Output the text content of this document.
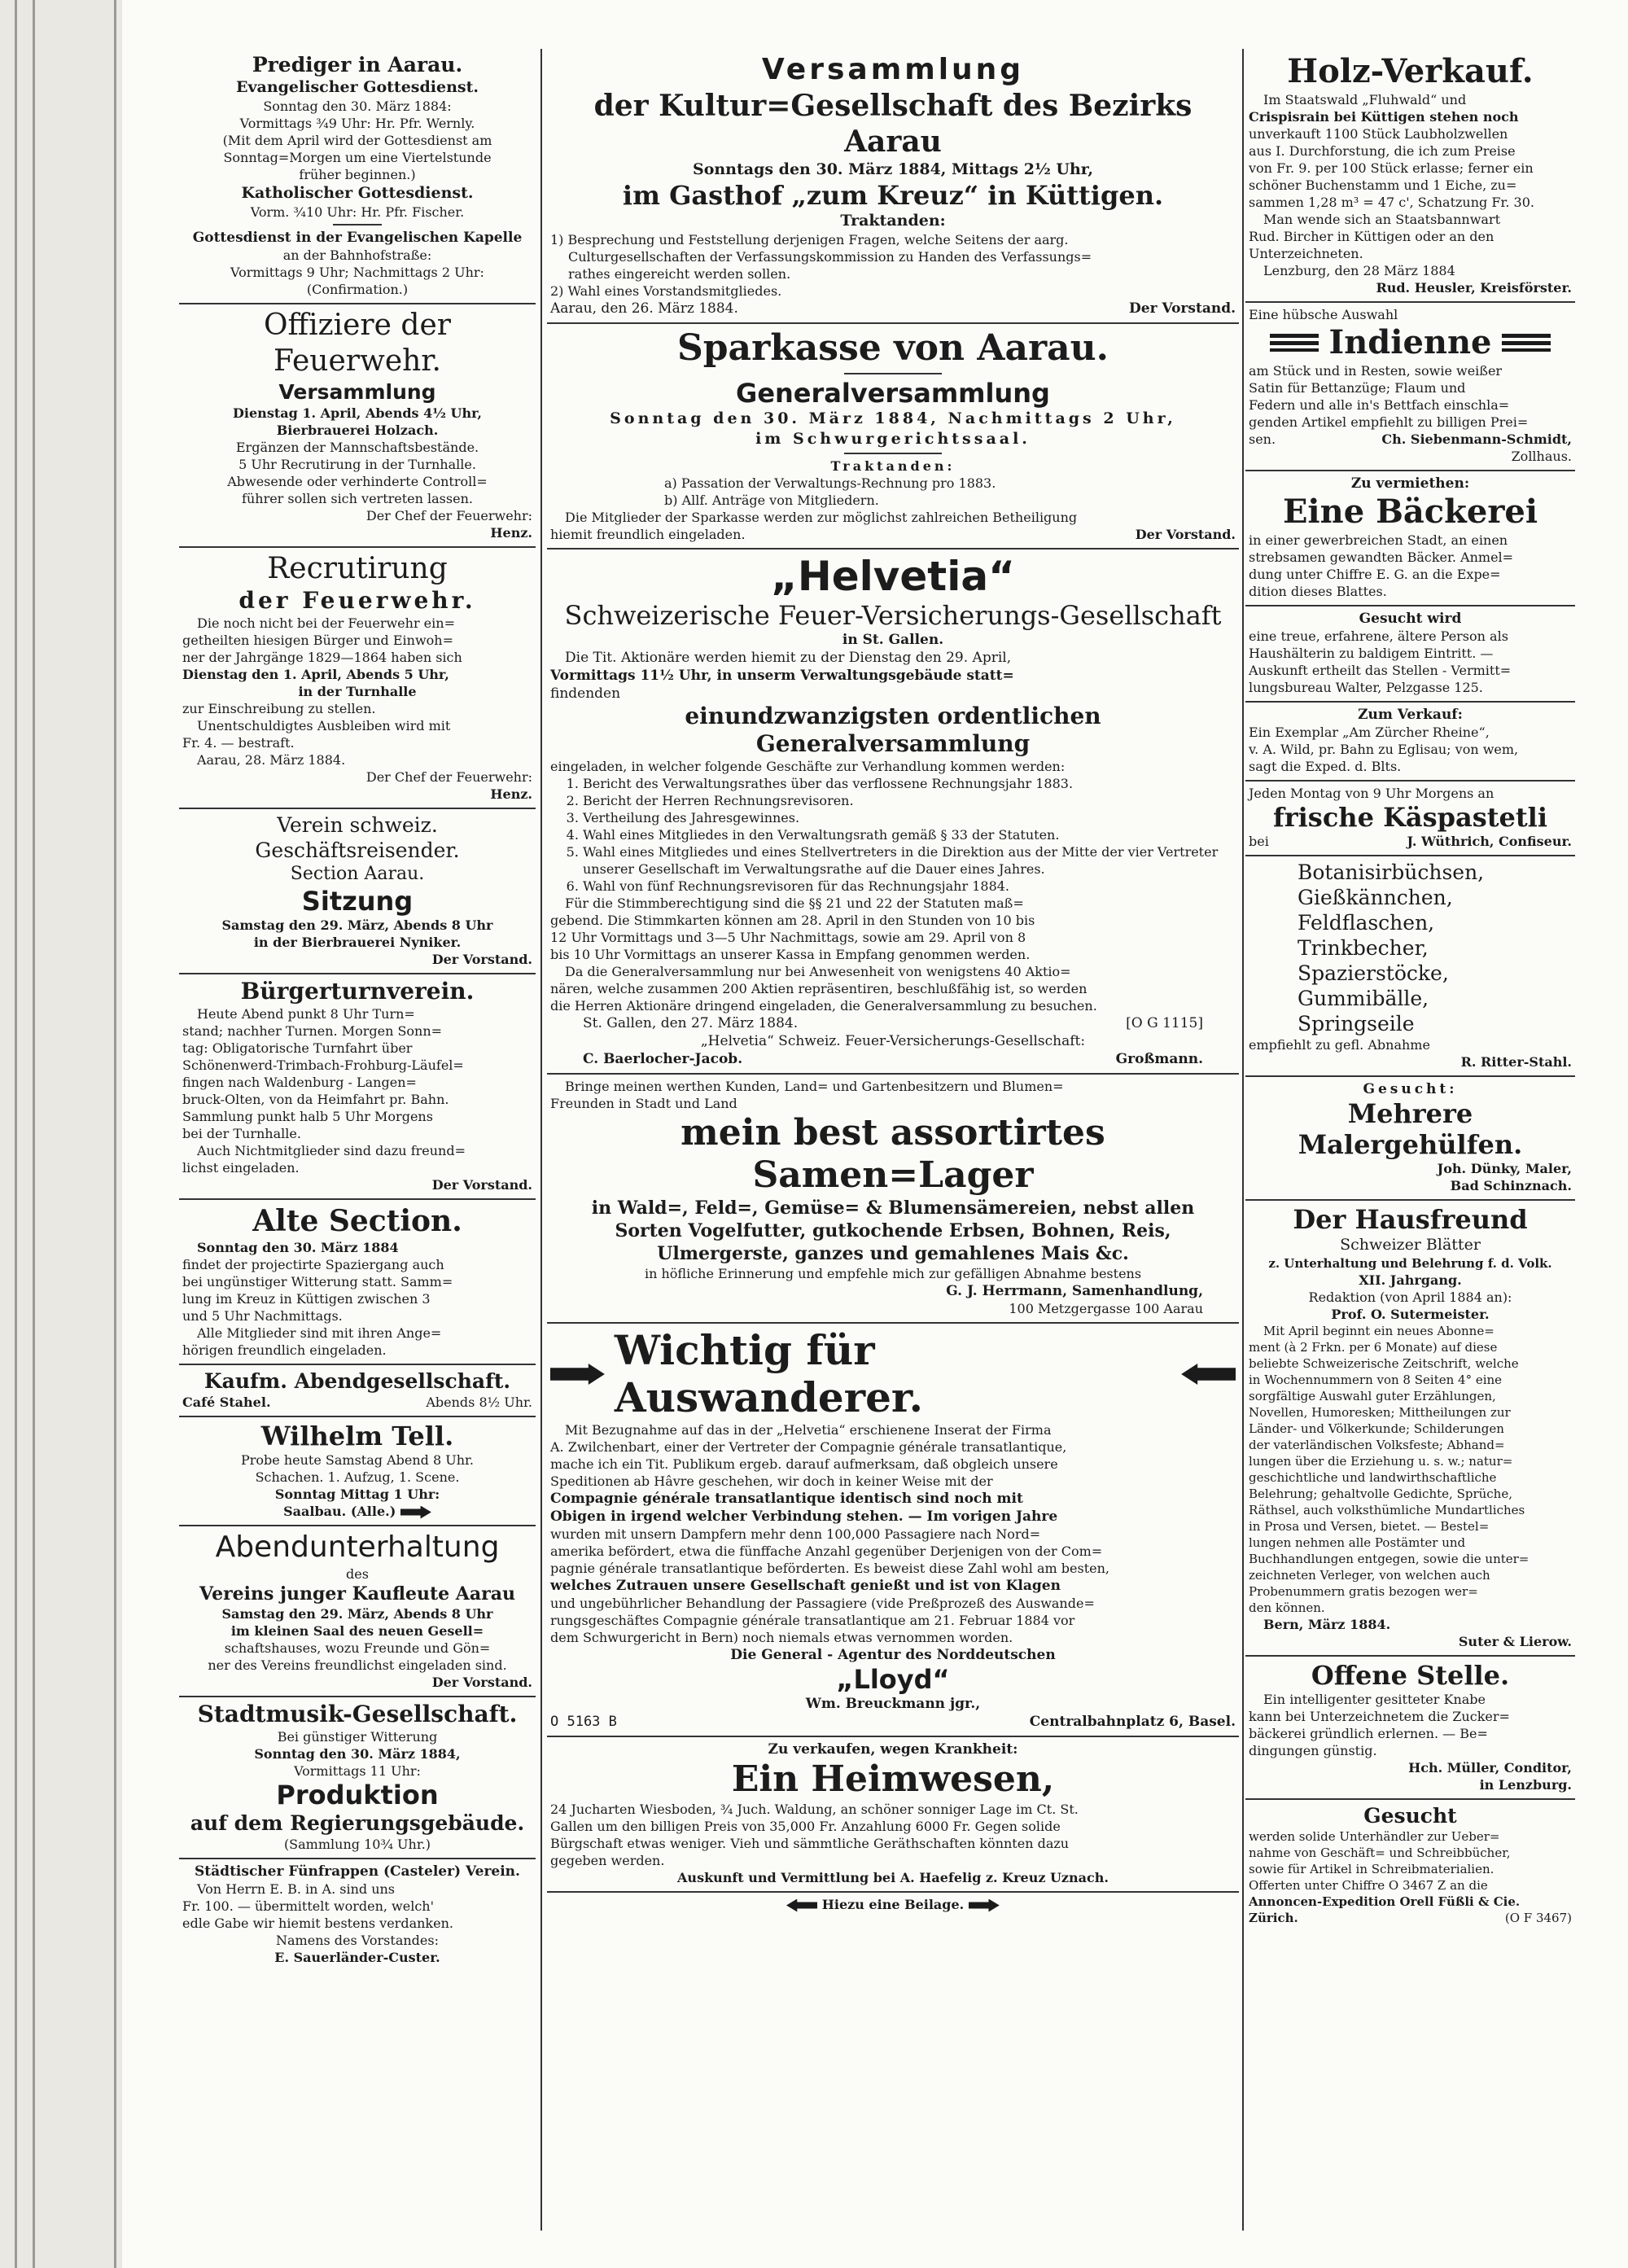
Prediger in Aarau.
Evangelischer Gottesdienst.
Sonntag den 30. März 1884:
Vormittags ¾9 Uhr: Hr. Pfr. Wernly.
(Mit dem April wird der Gottesdienst am
Sonntag=Morgen um eine Viertelstunde
früher beginnen.)
Katholischer Gottesdienst.
Vorm. ¾10 Uhr: Hr. Pfr. Fischer.
Gottesdienst in der Evangelischen Kapelle
an der Bahnhofstraße:
Vormittags 9 Uhr; Nachmittags 2 Uhr:
(Confirmation.)
Offiziere der Feuerwehr.
Versammlung
Dienstag 1. April, Abends 4½ Uhr,
Bierbrauerei Holzach.
Ergänzen der Mannschaftsbestände.
5 Uhr Recrutirung in der Turnhalle.
Abwesende oder verhinderte Controll=
führer sollen sich vertreten lassen.
Der Chef der Feuerwehr:
Henz.
Recrutirung
der Feuerwehr.
Die noch nicht bei der Feuerwehr ein=
getheilten hiesigen Bürger und Einwoh=
ner der Jahrgänge 1829—1864 haben sich
Dienstag den 1. April, Abends 5 Uhr,
in der Turnhalle
zur Einschreibung zu stellen.
Unentschuldigtes Ausbleiben wird mit
Fr. 4. — bestraft.
Aarau, 28. März 1884.
Der Chef der Feuerwehr:
Henz.
Verein schweiz. Geschäftsreisender.
Section Aarau.
Sitzung
Samstag den 29. März, Abends 8 Uhr
in der Bierbrauerei Nyniker.
Der Vorstand.
Bürgerturnverein.
Heute Abend punkt 8 Uhr Turn=
stand; nachher Turnen. Morgen Sonn=
tag: Obligatorische Turnfahrt über
Schönenwerd-Trimbach-Frohburg-Läufel=
fingen nach Waldenburg - Langen=
bruck-Olten, von da Heimfahrt pr. Bahn.
Sammlung punkt halb 5 Uhr Morgens
bei der Turnhalle.
Auch Nichtmitglieder sind dazu freund=
lichst eingeladen.
Der Vorstand.
Alte Section.
Sonntag den 30. März 1884
findet der projectirte Spaziergang auch
bei ungünstiger Witterung statt. Samm=
lung im Kreuz in Küttigen zwischen 3
und 5 Uhr Nachmittags.
Alle Mitglieder sind mit ihren Ange=
hörigen freundlich eingeladen.
Kaufm. Abendgesellschaft.
Café Stahel.	Abends 8½ Uhr.
Wilhelm Tell.
Probe heute Samstag Abend 8 Uhr.
Schachen. 1. Aufzug, 1. Scene.
Sonntag Mittag 1 Uhr:
Saalbau. (Alle.)
Abendunterhaltung
des
Vereins junger Kaufleute Aarau
Samstag den 29. März, Abends 8 Uhr
im kleinen Saal des neuen Gesell=
schaftshauses, wozu Freunde und Gön=
ner des Vereins freundlichst eingeladen sind.
Der Vorstand.
Stadtmusik-Gesellschaft.
Bei günstiger Witterung
Sonntag den 30. März 1884,
Vormittags 11 Uhr:
Produktion
auf dem Regierungsgebäude.
(Sammlung 10¾ Uhr.)
Städtischer Fünfrappen (Casteler) Verein.
Von Herrn E. B. in A. sind uns
Fr. 100. — übermittelt worden, welch'
edle Gabe wir hiemit bestens verdanken.
Namens des Vorstandes:
E. Sauerländer-Custer.
Versammlung
der Kultur=Gesellschaft des Bezirks Aarau
Sonntags den 30. März 1884, Mittags 2½ Uhr,
im Gasthof „zum Kreuz“ in Küttigen.
Traktanden:
1) Besprechung und Feststellung derjenigen Fragen, welche Seitens der aarg.
Culturgesellschaften der Verfassungskommission zu Handen des Verfassungs=
rathes eingereicht werden sollen.
2) Wahl eines Vorstandsmitgliedes.
Aarau, den 26. März 1884.	Der Vorstand.
Sparkasse von Aarau.
Generalversammlung
Sonntag den 30. März 1884, Nachmittags 2 Uhr,
im Schwurgerichtssaal.
Traktanden:
a) Passation der Verwaltungs-Rechnung pro 1883.
b) Allf. Anträge von Mitgliedern.
Die Mitglieder der Sparkasse werden zur möglichst zahlreichen Betheiligung
hiemit freundlich eingeladen.	Der Vorstand.
„Helvetia“
Schweizerische Feuer-Versicherungs-Gesellschaft
in St. Gallen.
Die Tit. Aktionäre werden hiemit zu der Dienstag den 29. April,
Vormittags 11½ Uhr, in unserm Verwaltungsgebäude statt=
findenden
einundzwanzigsten ordentlichen Generalversammlung
eingeladen, in welcher folgende Geschäfte zur Verhandlung kommen werden:
1. Bericht des Verwaltungsrathes über das verflossene Rechnungsjahr 1883.
2. Bericht der Herren Rechnungsrevisoren.
3. Vertheilung des Jahresgewinnes.
4. Wahl eines Mitgliedes in den Verwaltungsrath gemäß § 33 der Statuten.
5. Wahl eines Mitgliedes und eines Stellvertreters in die Direktion aus der Mitte der vier Vertreter unserer Gesellschaft im Verwaltungsrathe auf die Dauer eines Jahres.
6. Wahl von fünf Rechnungsrevisoren für das Rechnungsjahr 1884.
Für die Stimmberechtigung sind die §§ 21 und 22 der Statuten maß=
gebend. Die Stimmkarten können am 28. April in den Stunden von 10 bis
12 Uhr Vormittags und 3—5 Uhr Nachmittags, sowie am 29. April von 8
bis 10 Uhr Vormittags an unserer Kassa in Empfang genommen werden.
Da die Generalversammlung nur bei Anwesenheit von wenigstens 40 Aktio=
nären, welche zusammen 200 Aktien repräsentiren, beschlußfähig ist, so werden
die Herren Aktionäre dringend eingeladen, die Generalversammlung zu besuchen.
St. Gallen, den 27. März 1884.	[O G 1115]
„Helvetia“ Schweiz. Feuer-Versicherungs-Gesellschaft:
C. Baerlocher-Jacob.	Großmann.
Bringe meinen werthen Kunden, Land= und Gartenbesitzern und Blumen=
Freunden in Stadt und Land
mein best assortirtes Samen=Lager
in Wald=, Feld=, Gemüse= & Blumensämereien, nebst allen
Sorten Vogelfutter, gutkochende Erbsen, Bohnen, Reis,
Ulmergerste, ganzes und gemahlenes Mais &c.
in höfliche Erinnerung und empfehle mich zur gefälligen Abnahme bestens
G. J. Herrmann, Samenhandlung,
100 Metzgergasse 100 Aarau
Wichtig für Auswanderer.
Mit Bezugnahme auf das in der „Helvetia“ erschienene Inserat der Firma
A. Zwilchenbart, einer der Vertreter der Compagnie générale transatlantique,
mache ich ein Tit. Publikum ergeb. darauf aufmerksam, daß obgleich unsere
Speditionen ab Hâvre geschehen, wir doch in keiner Weise mit der
Compagnie générale transatlantique identisch sind noch mit
Obigen in irgend welcher Verbindung stehen. — Im vorigen Jahre
wurden mit unsern Dampfern mehr denn 100,000 Passagiere nach Nord=
amerika befördert, etwa die fünffache Anzahl gegenüber Derjenigen von der Com=
pagnie générale transatlantique beförderten. Es beweist diese Zahl wohl am besten,
welches Zutrauen unsere Gesellschaft genießt und ist von Klagen
und ungebührlicher Behandlung der Passagiere (vide Preßprozeß des Auswande=
rungsgeschäftes Compagnie générale transatlantique am 21. Februar 1884 vor
dem Schwurgericht in Bern) noch niemals etwas vernommen worden.
Die General - Agentur des Norddeutschen
„Lloyd“
Wm. Breuckmann jgr.,
O 5163 B	Centralbahnplatz 6, Basel.
Zu verkaufen, wegen Krankheit:
Ein Heimwesen,
24 Jucharten Wiesboden, ¾ Juch. Waldung, an schöner sonniger Lage im Ct. St.
Gallen um den billigen Preis von 35,000 Fr. Anzahlung 6000 Fr. Gegen solide
Bürgschaft etwas weniger. Vieh und sämmtliche Geräthschaften könnten dazu
gegeben werden.
Auskunft und Vermittlung bei A. Haefelig z. Kreuz Uznach.
Hiezu eine Beilage.
Holz-Verkauf.
Im Staatswald „Fluhwald“ und
Crispisrain bei Küttigen stehen noch
unverkauft 1100 Stück Laubholzwellen
aus I. Durchforstung, die ich zum Preise
von Fr. 9. per 100 Stück erlasse; ferner ein
schöner Buchenstamm und 1 Eiche, zu=
sammen 1,28 m³ = 47 c', Schatzung Fr. 30.
Man wende sich an Staatsbannwart
Rud. Bircher in Küttigen oder an den
Unterzeichneten.
Lenzburg, den 28 März 1884
Rud. Heusler, Kreisförster.
Eine hübsche Auswahl
Indienne
am Stück und in Resten, sowie weißer
Satin für Bettanzüge; Flaum und
Federn und alle in's Bettfach einschla=
genden Artikel empfiehlt zu billigen Prei=
sen.	Ch. Siebenmann-Schmidt,
Zollhaus.
Zu vermiethen:
Eine Bäckerei
in einer gewerbreichen Stadt, an einen
strebsamen gewandten Bäcker. Anmel=
dung unter Chiffre E. G. an die Expe=
dition dieses Blattes.
Gesucht wird
eine treue, erfahrene, ältere Person als
Haushälterin zu baldigem Eintritt. —
Auskunft ertheilt das Stellen - Vermitt=
lungsbureau Walter, Pelzgasse 125.
Zum Verkauf:
Ein Exemplar „Am Zürcher Rheine“,
v. A. Wild, pr. Bahn zu Eglisau; von wem,
sagt die Exped. d. Blts.
Jeden Montag von 9 Uhr Morgens an
frische Käspastetli
bei	J. Wüthrich, Confiseur.
Botanisirbüchsen,
Gießkännchen,
Feldflaschen,
Trinkbecher,
Spazierstöcke,
Gummibälle,
Springseile
empfiehlt zu gefl. Abnahme
R. Ritter-Stahl.
Gesucht:
Mehrere Malergehülfen.
Joh. Dünky, Maler,
Bad Schinznach.
Der Hausfreund
Schweizer Blätter
z. Unterhaltung und Belehrung f. d. Volk.
XII. Jahrgang.
Redaktion (von April 1884 an):
Prof. O. Sutermeister.
Mit April beginnt ein neues Abonne=
ment (à 2 Frkn. per 6 Monate) auf diese
beliebte Schweizerische Zeitschrift, welche
in Wochennummern von 8 Seiten 4° eine
sorgfältige Auswahl guter Erzählungen,
Novellen, Humoresken; Mittheilungen zur
Länder- und Völkerkunde; Schilderungen
der vaterländischen Volksfeste; Abhand=
lungen über die Erziehung u. s. w.; natur=
geschichtliche und landwirthschaftliche
Belehrung; gehaltvolle Gedichte, Sprüche,
Räthsel, auch volksthümliche Mundartliches
in Prosa und Versen, bietet. — Bestel=
lungen nehmen alle Postämter und
Buchhandlungen entgegen, sowie die unter=
zeichneten Verleger, von welchen auch
Probenummern gratis bezogen wer=
den können.
Bern, März 1884.
Suter & Lierow.
Offene Stelle.
Ein intelligenter gesitteter Knabe
kann bei Unterzeichnetem die Zucker=
bäckerei gründlich erlernen. — Be=
dingungen günstig.
Hch. Müller, Conditor,
in Lenzburg.
Gesucht
werden solide Unterhändler zur Ueber=
nahme von Geschäft= und Schreibbücher,
sowie für Artikel in Schreibmaterialien.
Offerten unter Chiffre O 3467 Z an die
Annoncen-Expedition Orell Füßli & Cie.
Zürich.	(O F 3467)
